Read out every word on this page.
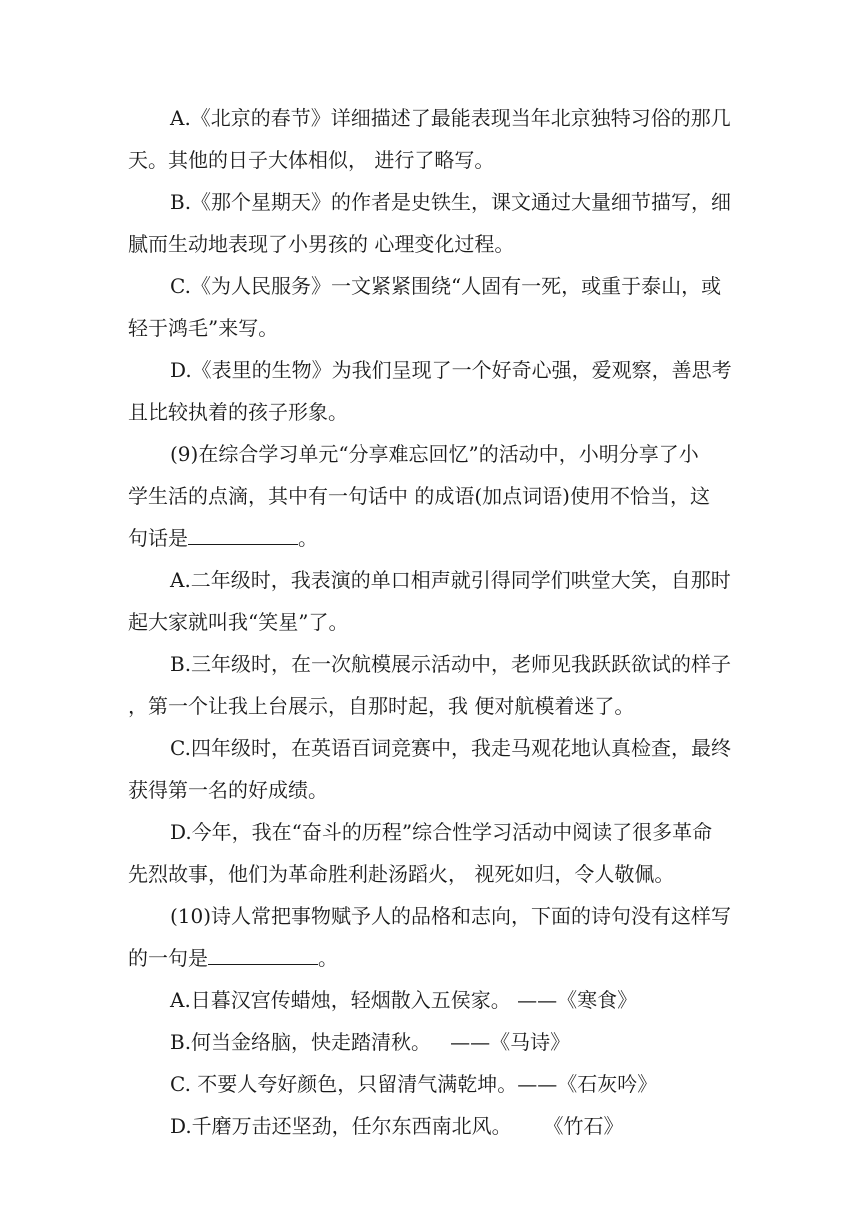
A.《北京的春节》详细描述了最能表现当年北京独特习俗的那几
天。其他的日子大体相似， 进行了略写。
B.《那个星期天》的作者是史铁生，课文通过大量细节描写，细
腻而生动地表现了小男孩的 心理变化过程。
C.《为人民服务》一文紧紧围绕“人固有一死，或重于泰山，或
轻于鸿毛”来写。
D.《表里的生物》为我们呈现了一个好奇心强，爱观察，善思考
且比较执着的孩子形象。
(9)在综合学习单元“分享难忘回忆”的活动中，小明分享了小
学生活的点滴，其中有一句话中 的成语(加点词语)使用不恰当，这
句话是	。
A.二年级时，我表演的单口相声就引得同学们哄堂大笑，自那时
起大家就叫我“笑星”了。
B.三年级时，在一次航模展示活动中，老师见我跃跃欲试的样子
，第一个让我上台展示，自那时起，我 便对航模着迷了。
C.四年级时，在英语百词竞赛中，我走马观花地认真检查，最终
获得第一名的好成绩。
D.今年，我在“奋斗的历程”综合性学习活动中阅读了很多革命
先烈故事，他们为革命胜利赴汤蹈火， 视死如归，令人敬佩。
(10)诗人常把事物赋予人的品格和志向，下面的诗句没有这样写
的一句是	。
A.日暮汉宫传蜡烛，轻烟散入五侯家。 ——《寒食》
B.何当金络脑，快走踏清秋。   ——《马诗》
C. 不要人夸好颜色，只留清气满乾坤。——《石灰吟》
D.千磨万击还坚劲，任尔东西南北风。     《竹石》
